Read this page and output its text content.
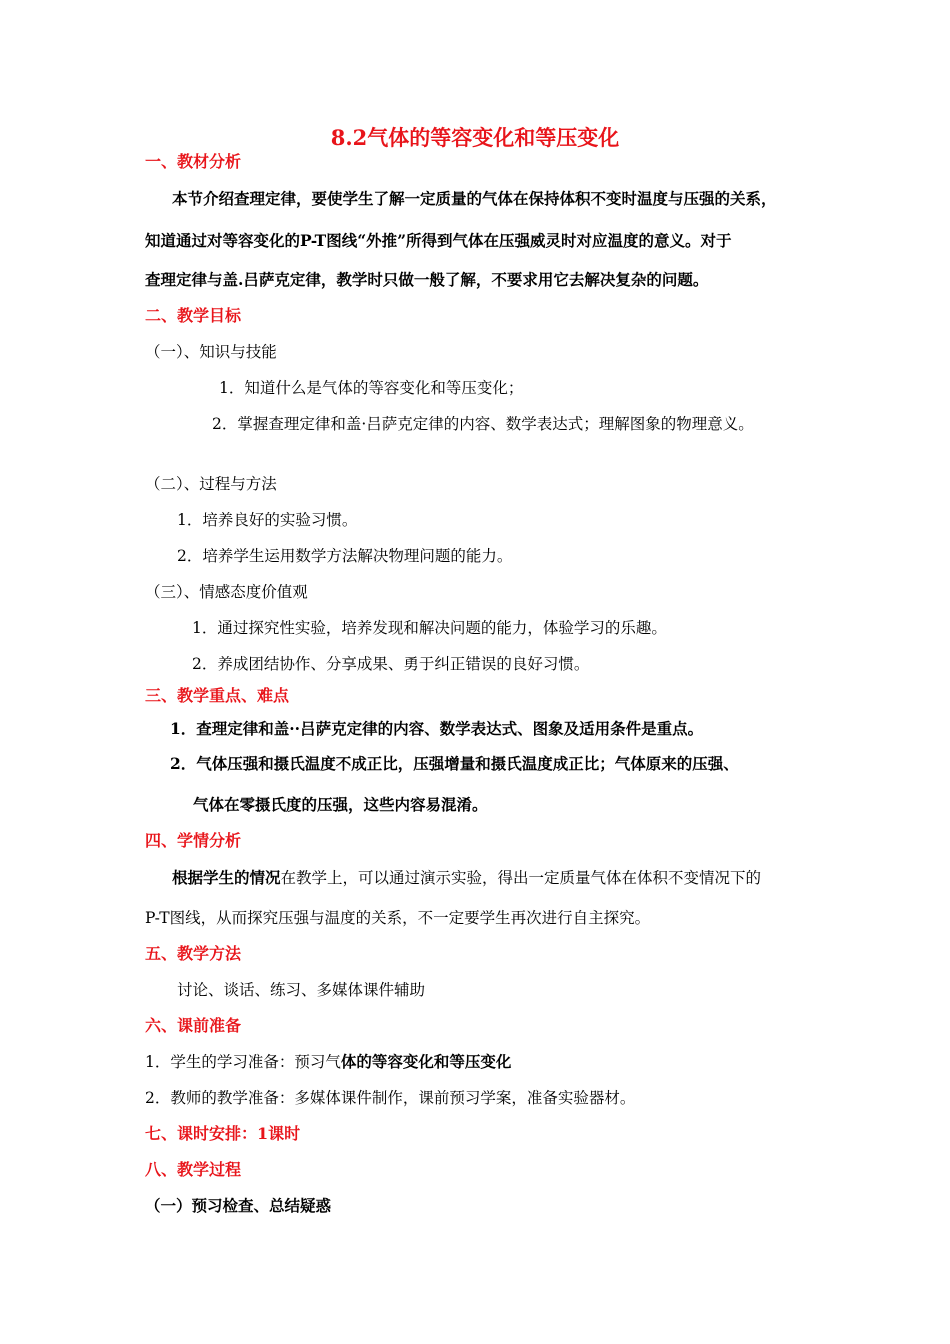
8.2气体的等容变化和等压变化
一、教材分析
本节介绍查理定律，要使学生了解一定质量的气体在保持体积不变时温度与压强的关系，
知道通过对等容变化的P-T图线“外推”所得到气体在压强威灵时对应温度的意义。对于
查理定律与盖.吕萨克定律，教学时只做一般了解，不要求用它去解决复杂的问题。
二、教学目标
（一）、知识与技能
1．知道什么是气体的等容变化和等压变化；
2．掌握查理定律和盖·吕萨克定律的内容、数学表达式；理解图象的物理意义。
（二）、过程与方法
1．培养良好的实验习惯。
2．培养学生运用数学方法解决物理问题的能力。
（三）、情感态度价值观
1．通过探究性实验，培养发现和解决问题的能力，体验学习的乐趣。
2．养成团结协作、分享成果、勇于纠正错误的良好习惯。
三、教学重点、难点
1．查理定律和盖··吕萨克定律的内容、数学表达式、图象及适用条件是重点。
2．气体压强和摄氏温度不成正比，压强增量和摄氏温度成正比；气体原来的压强、
气体在零摄氏度的压强，这些内容易混淆。
四、学情分析
根据学生的情况在教学上，可以通过演示实验，得出一定质量气体在体积不变情况下的
P-T图线，从而探究压强与温度的关系，不一定要学生再次进行自主探究。
五、教学方法
讨论、谈话、练习、多媒体课件辅助
六、课前准备
1．学生的学习准备：预习气体的等容变化和等压变化
2．教师的教学准备：多媒体课件制作，课前预习学案，准备实验器材。
七、课时安排：1课时
八、教学过程
（一）预习检查、总结疑惑
